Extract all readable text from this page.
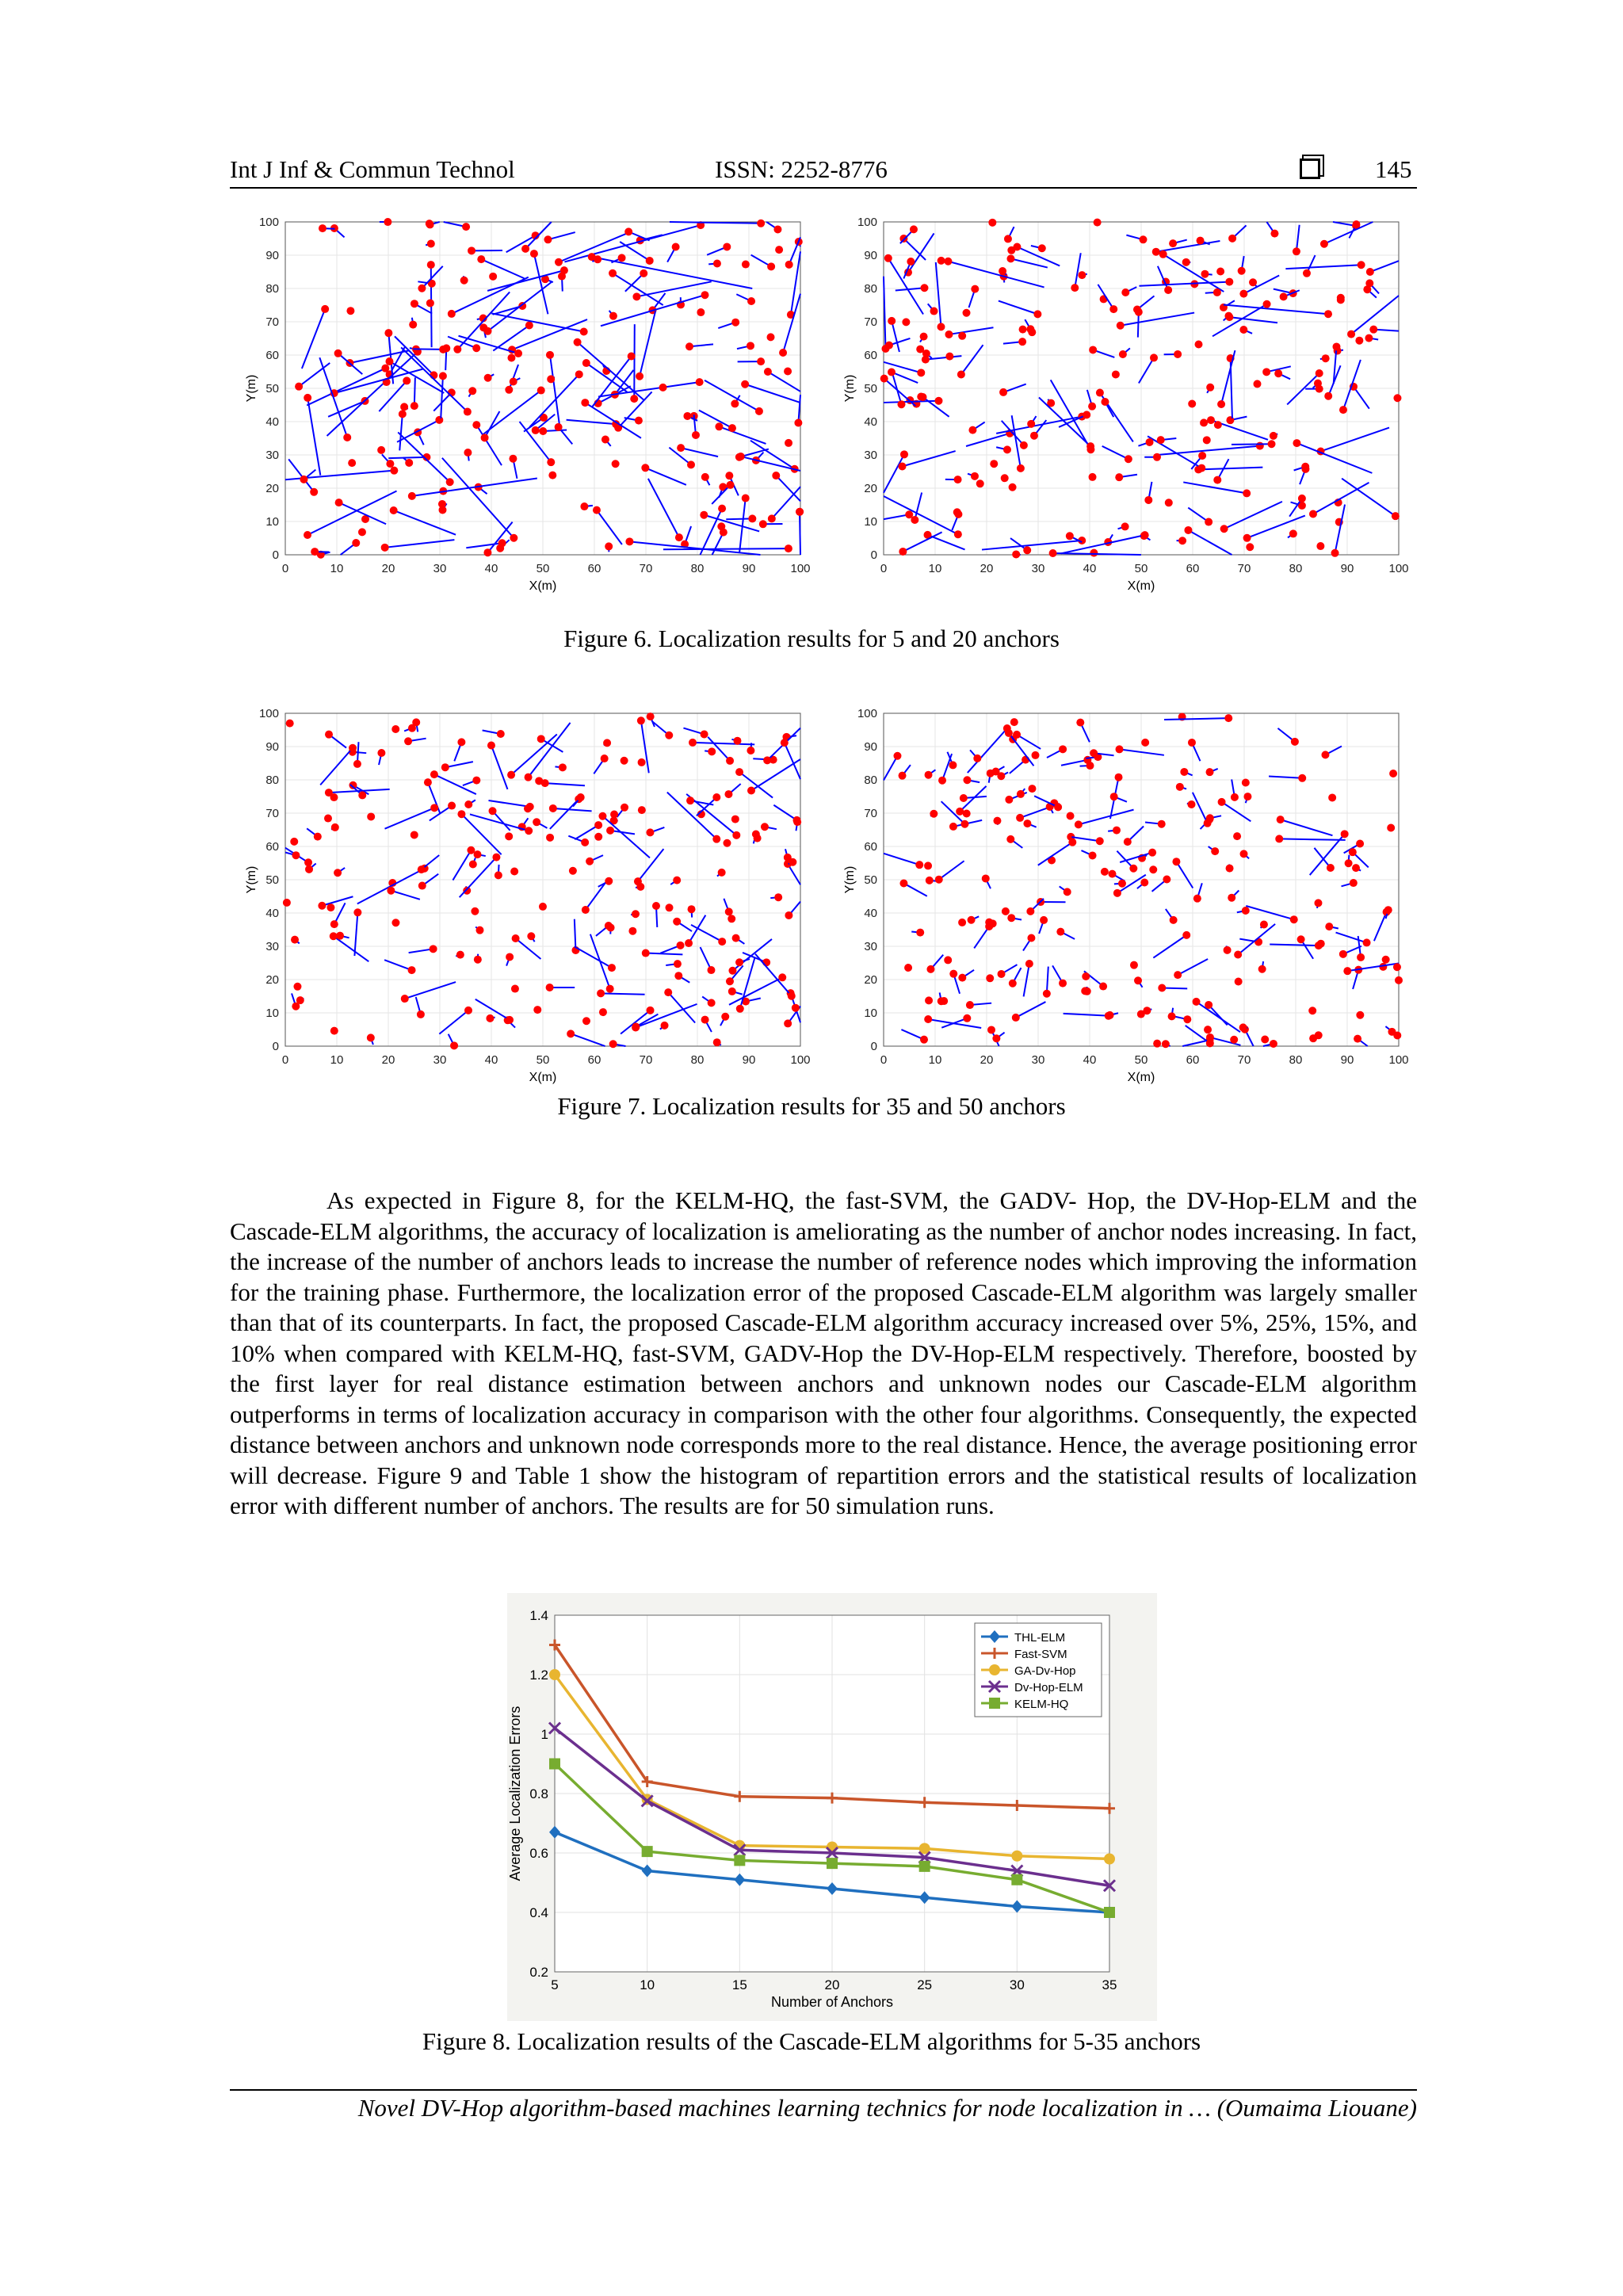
Int J Inf & Commun Technol	ISSN: 2252-8776	145
0	10	20	30	40	50	60	70	80	90	100
0
10
20
30
40
50
60
70
80
90
100
X(m)
Y(m)
0	10	20	30	40	50	60	70	80	90	100
0
10
20
30
40
50
60
70
80
90
100
X(m)
Y(m)
Figure 6. Localization results for 5 and 20 anchors
0	10	20	30	40	50	60	70	80	90	100
0
10
20
30
40
50
60
70
80
90
100
X(m)
Y(m)
0	10	20	30	40	50	60	70	80	90	100
0
10
20
30
40
50
60
70
80
90
100
X(m)
Y(m)
Figure 7. Localization results for 35 and 50 anchors

As expected in Figure 8, for the KELM-HQ, the fast-SVM, the GADV- Hop, the DV-Hop-ELM and the Cascade-ELM algorithms, the accuracy of localization is ameliorating as the number of anchor nodes increasing. In fact, the increase of the number of anchors leads to increase the number of reference nodes which improving the information for the training phase. Furthermore, the localization error of the proposed Cascade-ELM algorithm was largely smaller than that of its counterparts. In fact, the proposed Cascade-ELM algorithm accuracy increased over 5%, 25%, 15%, and 10% when compared with KELM-HQ, fast-SVM, GADV-Hop the DV-Hop-ELM respectively. Therefore, boosted by the first layer for real distance estimation between anchors and unknown nodes our Cascade-ELM algorithm outperforms in terms of localization accuracy in comparison with the other four algorithms. Consequently, the expected distance between anchors and unknown node corresponds more to the real distance. Hence, the average positioning error will decrease. Figure 9 and Table 1 show the histogram of repartition errors and the statistical results of localization error with different number of anchors. The results are for 50 simulation runs.

5	10	15	20	25	30	35
0.2
0.4
0.6
0.8
1
1.2
1.4
Number of Anchors
Average Localization Errors
THL-ELM
Fast-SVM
GA-Dv-Hop
Dv-Hop-ELM
KELM-HQ
Figure 8. Localization results of the Cascade-ELM algorithms for 5-35 anchors
Novel DV-Hop algorithm-based machines learning technics for node localization in … (Oumaima Liouane)
